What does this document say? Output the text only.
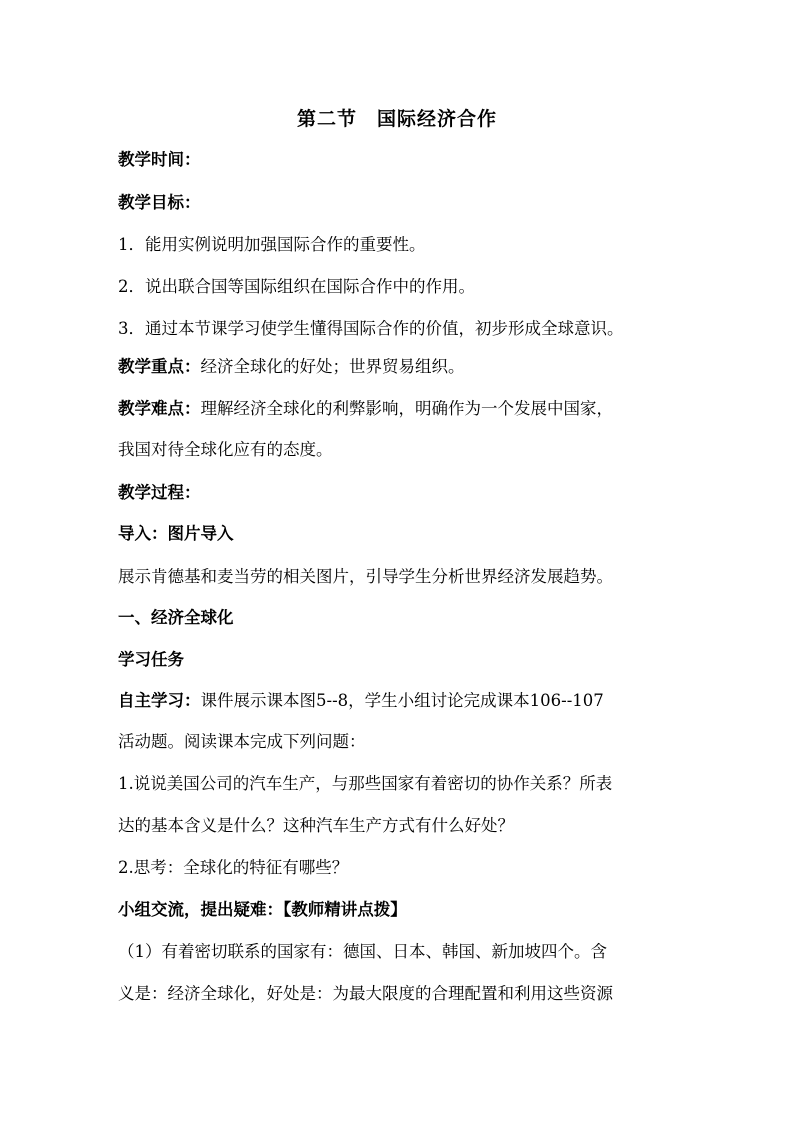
第二节　国际经济合作
教学时间：
教学目标：
1．能用实例说明加强国际合作的重要性。
2．说出联合国等国际组织在国际合作中的作用。
3．通过本节课学习使学生懂得国际合作的价值，初步形成全球意识。
教学重点：经济全球化的好处；世界贸易组织。
教学难点：理解经济全球化的利弊影响，明确作为一个发展中国家，
我国对待全球化应有的态度。
教学过程：
导入：图片导入
展示肯德基和麦当劳的相关图片，引导学生分析世界经济发展趋势。
一、经济全球化
学习任务
自主学习：课件展示课本图5--8，学生小组讨论完成课本106--107
活动题。阅读课本完成下列问题：
1.说说美国公司的汽车生产，与那些国家有着密切的协作关系？所表
达的基本含义是什么？这种汽车生产方式有什么好处？
2.思考：全球化的特征有哪些？
小组交流，提出疑难：【教师精讲点拨】
（1）有着密切联系的国家有：德国、日本、韩国、新加坡四个。含
义是：经济全球化，好处是：为最大限度的合理配置和利用这些资源
